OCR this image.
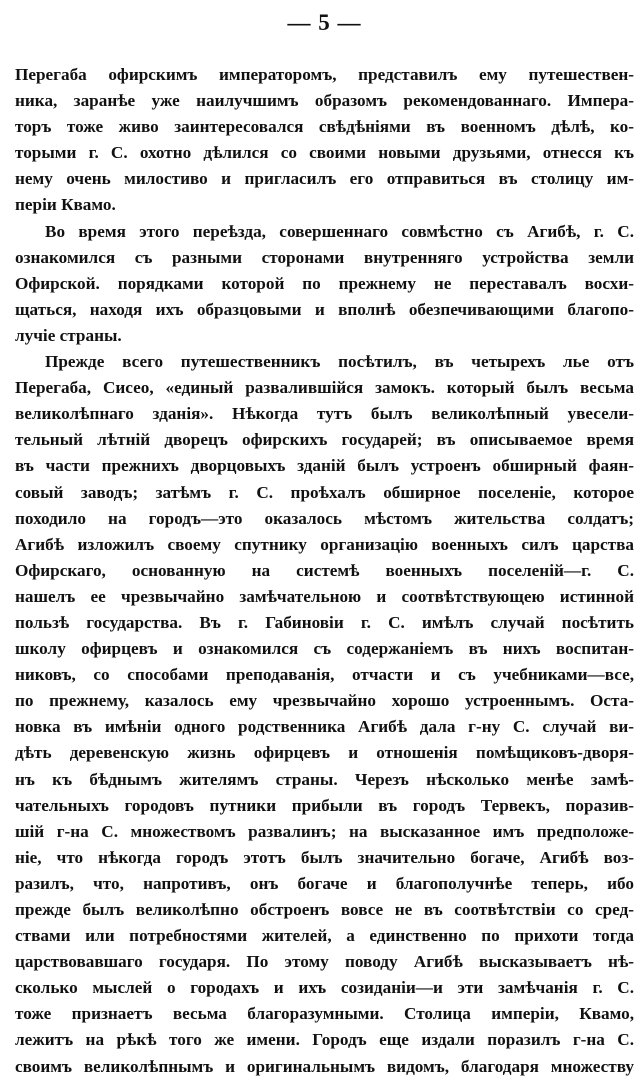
— 5 —
Перегаба офирскимъ императоромъ, представилъ ему путешествен-
ника, заранѣе уже наилучшимъ образомъ рекомендованнаго. Импера-
торъ тоже живо заинтересовался свѣдѣніями въ военномъ дѣлѣ, ко-
торыми г. С. охотно дѣлился со своими новыми друзьями, отнесся къ
нему очень милостиво и пригласилъ его отправиться въ столицу им-
періи Квамо.
Во время этого переѣзда, совершеннаго совмѣстно съ Агибѣ, г. С.
ознакомился съ разными сторонами внутренняго устройства земли
Офирской. порядками которой по прежнему не переставалъ восхи-
щаться, находя ихъ образцовыми и вполнѣ обезпечивающими благопо-
лучіе страны.
Прежде всего путешественникъ посѣтилъ, въ четырехъ лье отъ
Перегаба, Сисео, «единый развалившійся замокъ. который былъ весьма
великолѣпнаго зданія». Нѣкогда тутъ былъ великолѣпный увесели-
тельный лѣтній дворецъ офирскихъ государей; въ описываемое время
въ части прежнихъ дворцовыхъ зданій былъ устроенъ обширный фаян-
совый заводъ; затѣмъ г. С. проѣхалъ обширное поселеніе, которое
походило на городъ—это оказалось мѣстомъ жительства солдатъ;
Агибѣ изложилъ своему спутнику организацію военныхъ силъ царства
Офирскаго, основанную на системѣ военныхъ поселеній—г. С.
нашелъ ее чрезвычайно замѣчательною и соотвѣтствующею истинной
пользѣ государства. Въ г. Габиновіи г. С. имѣлъ случай посѣтить
школу офирцевъ и ознакомился съ содержаніемъ въ нихъ воспитан-
никовъ, со способами преподаванія, отчасти и съ учебниками—все,
по прежнему, казалось ему чрезвычайно хорошо устроеннымъ. Оста-
новка въ имѣніи одного родственника Агибѣ дала г-ну С. случай ви-
дѣть деревенскую жизнь офирцевъ и отношенія помѣщиковъ-дворя-
нъ къ бѣднымъ жителямъ страны. Черезъ нѣсколько менѣе замѣ-
чательныхъ городовъ путники прибыли въ городъ Тервекъ, поразив-
шій г-на С. множествомъ развалинъ; на высказанное имъ предположе-
ніе, что нѣкогда городъ этотъ былъ значительно богаче, Агибѣ воз-
разилъ, что, напротивъ, онъ богаче и благополучнѣе теперь, ибо
прежде былъ великолѣпно обстроенъ вовсе не въ соотвѣтствіи со сред-
ствами или потребностями жителей, а единственно по прихоти тогда
царствовавшаго государя. По этому поводу Агибѣ высказываетъ нѣ-
сколько мыслей о городахъ и ихъ созиданіи—и эти замѣчанія г. С.
тоже признаетъ весьма благоразумными. Столица имперіи, Квамо,
лежитъ на рѣкѣ того же имени. Городъ еще издали поразилъ г-на С.
своимъ великолѣпнымъ и оригинальнымъ видомъ, благодаря множеству
